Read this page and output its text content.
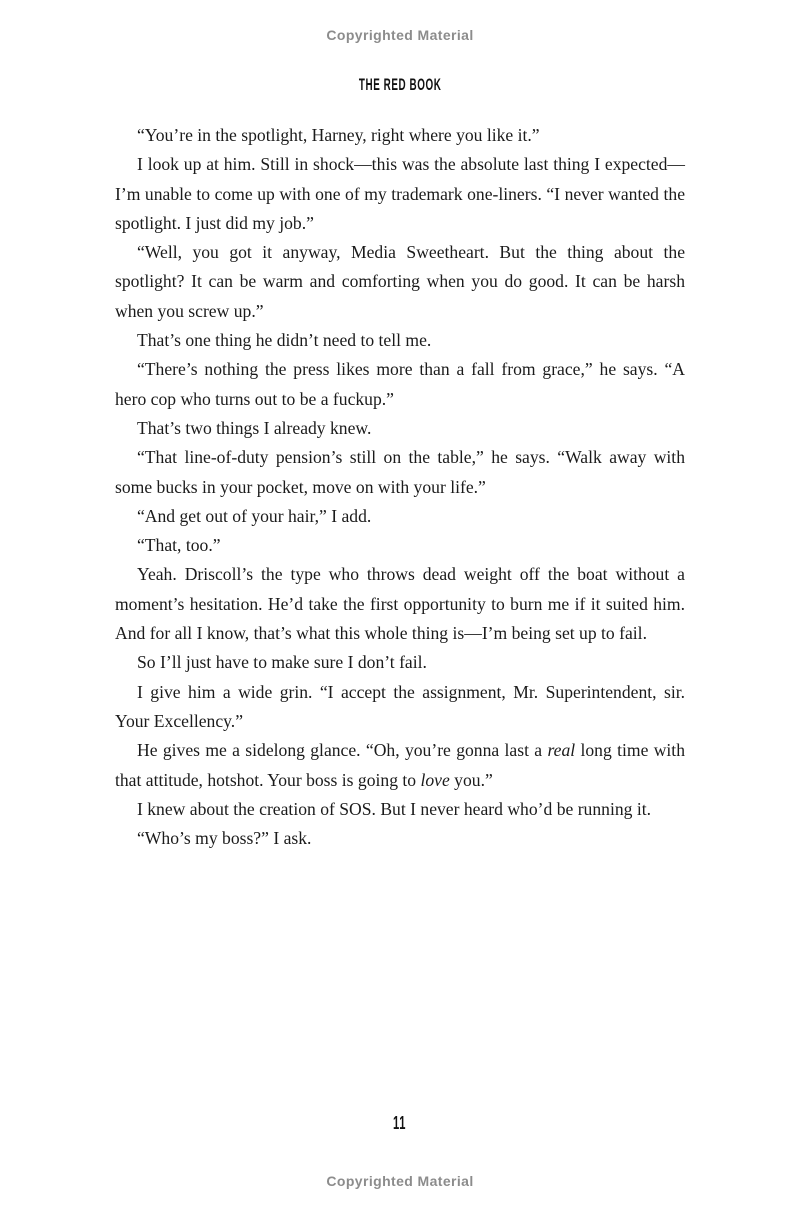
Copyrighted Material
THE RED BOOK

“You’re in the spotlight, Harney, right where you like it.”

I look up at him. Still in shock—this was the absolute last thing I expected—I’m unable to come up with one of my trademark one-liners. “I never wanted the spotlight. I just did my job.”

“Well, you got it anyway, Media Sweetheart. But the thing about the spotlight? It can be warm and comforting when you do good. It can be harsh when you screw up.”

That’s one thing he didn’t need to tell me.

“There’s nothing the press likes more than a fall from grace,” he says. “A hero cop who turns out to be a fuckup.”

That’s two things I already knew.

“That line-of-duty pension’s still on the table,” he says. “Walk away with some bucks in your pocket, move on with your life.”

“And get out of your hair,” I add.

“That, too.”

Yeah. Driscoll’s the type who throws dead weight off the boat without a moment’s hesitation. He’d take the first opportunity to burn me if it suited him. And for all I know, that’s what this whole thing is—I’m being set up to fail.

So I’ll just have to make sure I don’t fail.

I give him a wide grin. “I accept the assignment, Mr. Superintendent, sir. Your Excellency.”

He gives me a sidelong glance. “Oh, you’re gonna last a real long time with that attitude, hotshot. Your boss is going to love you.”

I knew about the creation of SOS. But I never heard who’d be running it.

“Who’s my boss?” I ask.

11
Copyrighted Material
